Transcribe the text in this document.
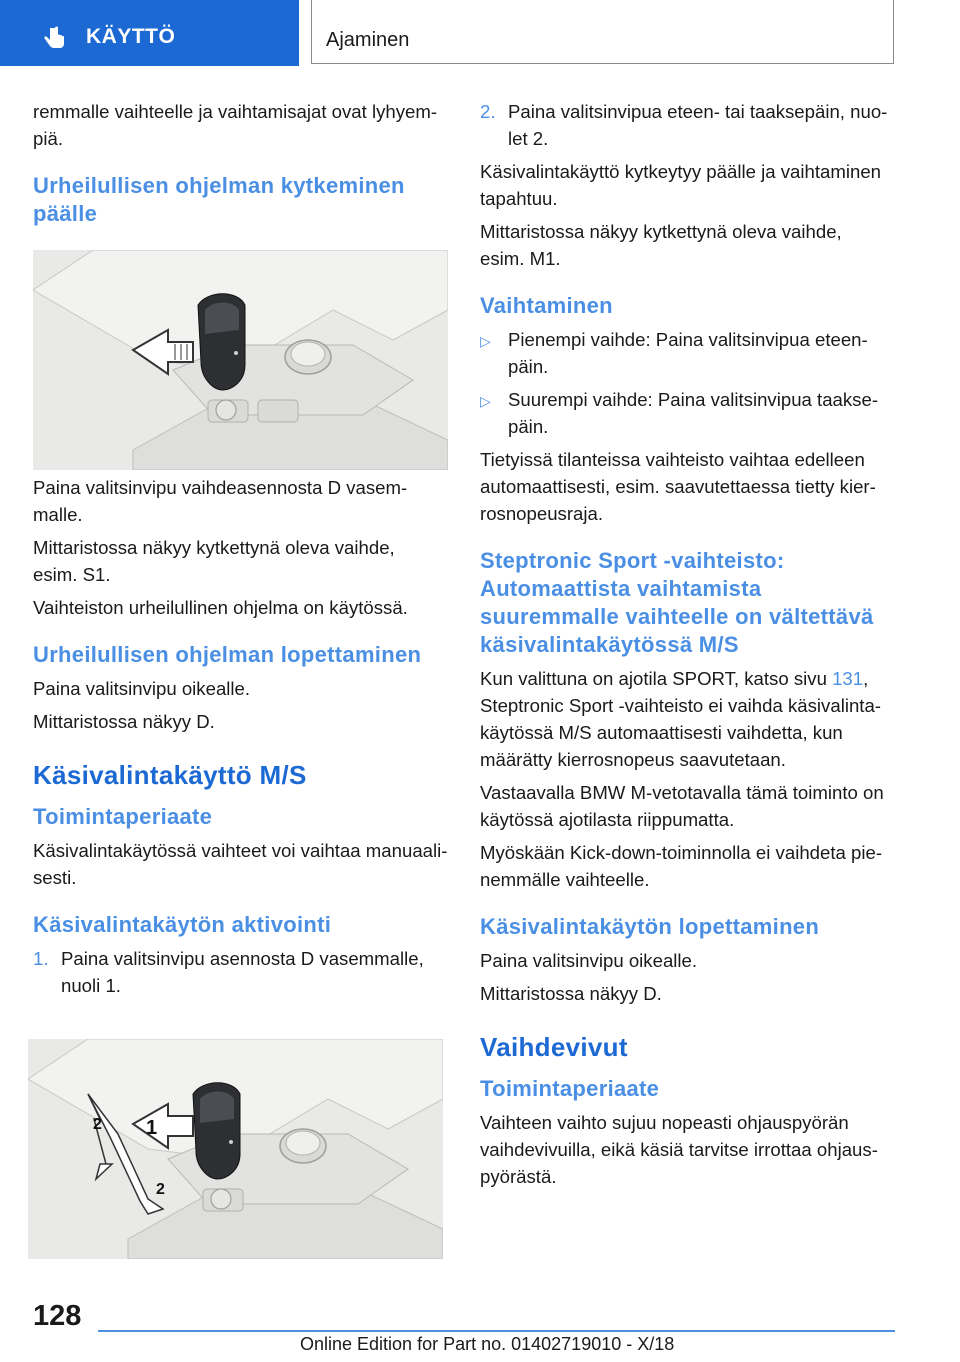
KÄYTTÖ	Ajaminen

remmalle vaihteelle ja vaihtamisajat ovat lyhyem-
piä.

Urheilullisen ohjelman kytkeminen
päälle

Paina valitsinvipu vaihdeasennosta D vasem-
malle.

Mittaristossa näkyy kytkettynä oleva vaihde,
esim. S1.

Vaihteiston urheilullinen ohjelma on käytössä.

Urheilullisen ohjelman lopettaminen

Paina valitsinvipu oikealle.

Mittaristossa näkyy D.

Käsivalintakäyttö M/S
Toimintaperiaate

Käsivalintakäytössä vaihteet voi vaihtaa manuaali-
sesti.

Käsivalintakäytön aktivointi
1. Paina valitsinvipu asennosta D vasemmalle,
nuoli 1.
1
2
2
2. Paina valitsinvipua eteen- tai taaksepäin, nuo-
let 2.

Käsivalintakäyttö kytkeytyy päälle ja vaihtaminen
tapahtuu.

Mittaristossa näkyy kytkettynä oleva vaihde,
esim. M1.

Vaihtaminen
▷ Pienempi vaihde: Paina valitsinvipua eteen-
päin.
▷ Suurempi vaihde: Paina valitsinvipua taakse-
päin.

Tietyissä tilanteissa vaihteisto vaihtaa edelleen
automaattisesti, esim. saavutettaessa tietty kier-
rosnopeusraja.

Steptronic Sport -vaihteisto:
Automaattista vaihtamista
suuremmalle vaihteelle on vältettävä
käsivalintakäytössä M/S

Kun valittuna on ajotila SPORT, katso sivu 131,
Steptronic Sport -vaihteisto ei vaihda käsivalinta-
käytössä M/S automaattisesti vaihdetta, kun
määrätty kierrosnopeus saavutetaan.

Vastaavalla BMW M-vetotavalla tämä toiminto on
käytössä ajotilasta riippumatta.

Myöskään Kick-down-toiminnolla ei vaihdeta pie-
nemmälle vaihteelle.

Käsivalintakäytön lopettaminen

Paina valitsinvipu oikealle.

Mittaristossa näkyy D.

Vaihdevivut
Toimintaperiaate

Vaihteen vaihto sujuu nopeasti ohjauspyörän
vaihdevivuilla, eikä käsiä tarvitse irrottaa ohjaus-
pyörästä.

128
Online Edition for Part no. 01402719010 - X/18
